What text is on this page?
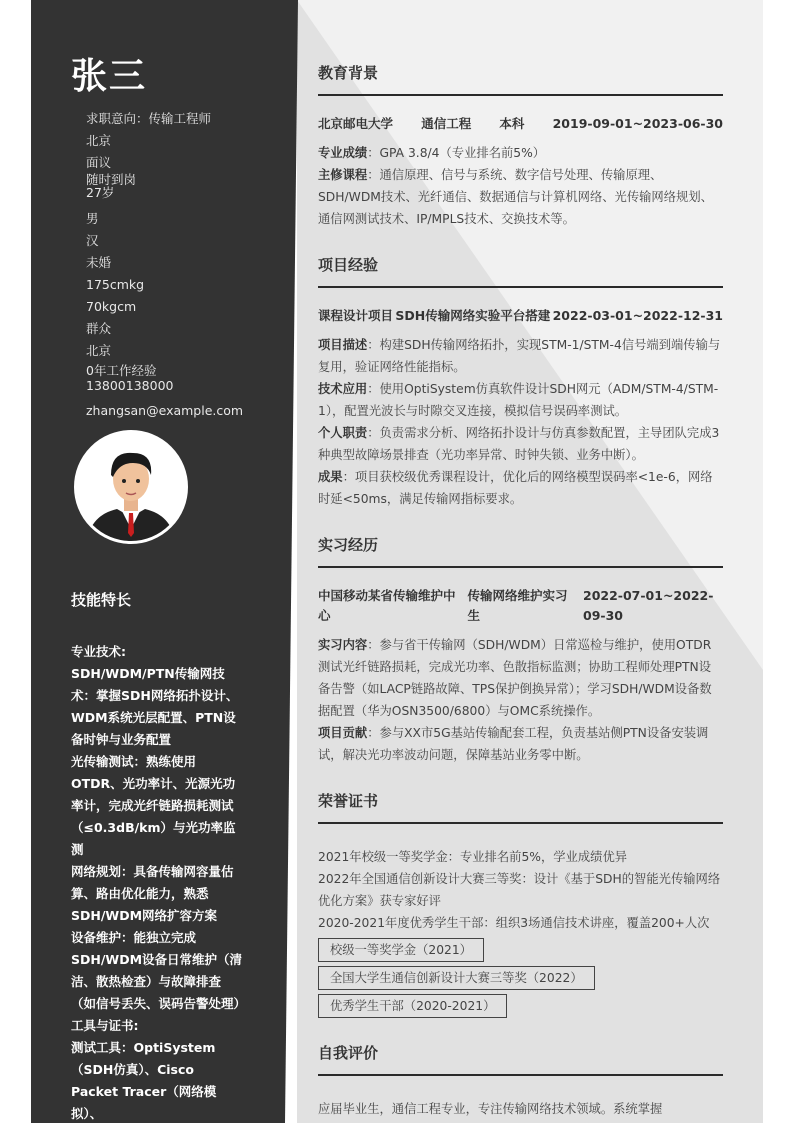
张三
求职意向：传输工程师
北京
面议
随时到岗
27岁
男
汉
未婚
175cmkg
70kgcm
群众
北京
0年工作经验
13800138000
zhangsan@example.com
技能特长
专业技术:
SDH/WDM/PTN传输网技术：掌握SDH网络拓扑设计、WDM系统光层配置、PTN设备时钟与业务配置
光传输测试：熟练使用OTDR、光功率计、光源光功率计，完成光纤链路损耗测试（≤0.3dB/km）与光功率监测
网络规划：具备传输网容量估算、路由优化能力，熟悉SDH/WDM网络扩容方案
设备维护：能独立完成SDH/WDM设备日常维护（清洁、散热检查）与故障排查（如信号丢失、误码告警处理）
工具与证书:
测试工具：OptiSystem（SDH仿真）、Cisco Packet Tracer（网络模拟）、
教育背景
北京邮电大学 通信工程 本科 2019-09-01~2023-06-30

专业成绩：GPA 3.8/4（专业排名前5%）

主修课程：通信原理、信号与系统、数字信号处理、传输原理、SDH/WDM技术、光纤通信、数据通信与计算机网络、光传输网络规划、通信网测试技术、IP/MPLS技术、交换技术等。

项目经验
课程设计项目 SDH传输网络实验平台搭建 2022-03-01~2022-12-31

项目描述：构建SDH传输网络拓扑，实现STM-1/STM-4信号端到端传输与复用，验证网络性能指标。

技术应用：使用OptiSystem仿真软件设计SDH网元（ADM/STM-4/STM-1），配置光波长与时隙交叉连接，模拟信号误码率测试。

个人职责：负责需求分析、网络拓扑设计与仿真参数配置，主导团队完成3种典型故障场景排查（光功率异常、时钟失锁、业务中断）。

成果：项目获校级优秀课程设计，优化后的网络模型误码率<1e-6，网络时延<50ms，满足传输网指标要求。

实习经历
中国移动某省传输维护中心
传输网络维护实习生
2022-07-01~2022-09-30

实习内容：参与省干传输网（SDH/WDM）日常巡检与维护，使用OTDR测试光纤链路损耗，完成光功率、色散指标监测；协助工程师处理PTN设备告警（如LACP链路故障、TPS保护倒换异常）；学习SDH/WDM设备数据配置（华为OSN3500/6800）与OMC系统操作。

项目贡献：参与XX市5G基站传输配套工程，负责基站侧PTN设备安装调试，解决光功率波动问题，保障基站业务零中断。

荣誉证书

2021年校级一等奖学金：专业排名前5%，学业成绩优异

2022年全国通信创新设计大赛三等奖：设计《基于SDH的智能光传输网络优化方案》获专家好评

2020-2021年度优秀学生干部：组织3场通信技术讲座，覆盖200+人次

校级一等奖学金（2021）
全国大学生通信创新设计大赛三等奖（2022）
优秀学生干部（2020-2021）
自我评价

应届毕业生，通信工程专业，专注传输网络技术领域。系统掌握
